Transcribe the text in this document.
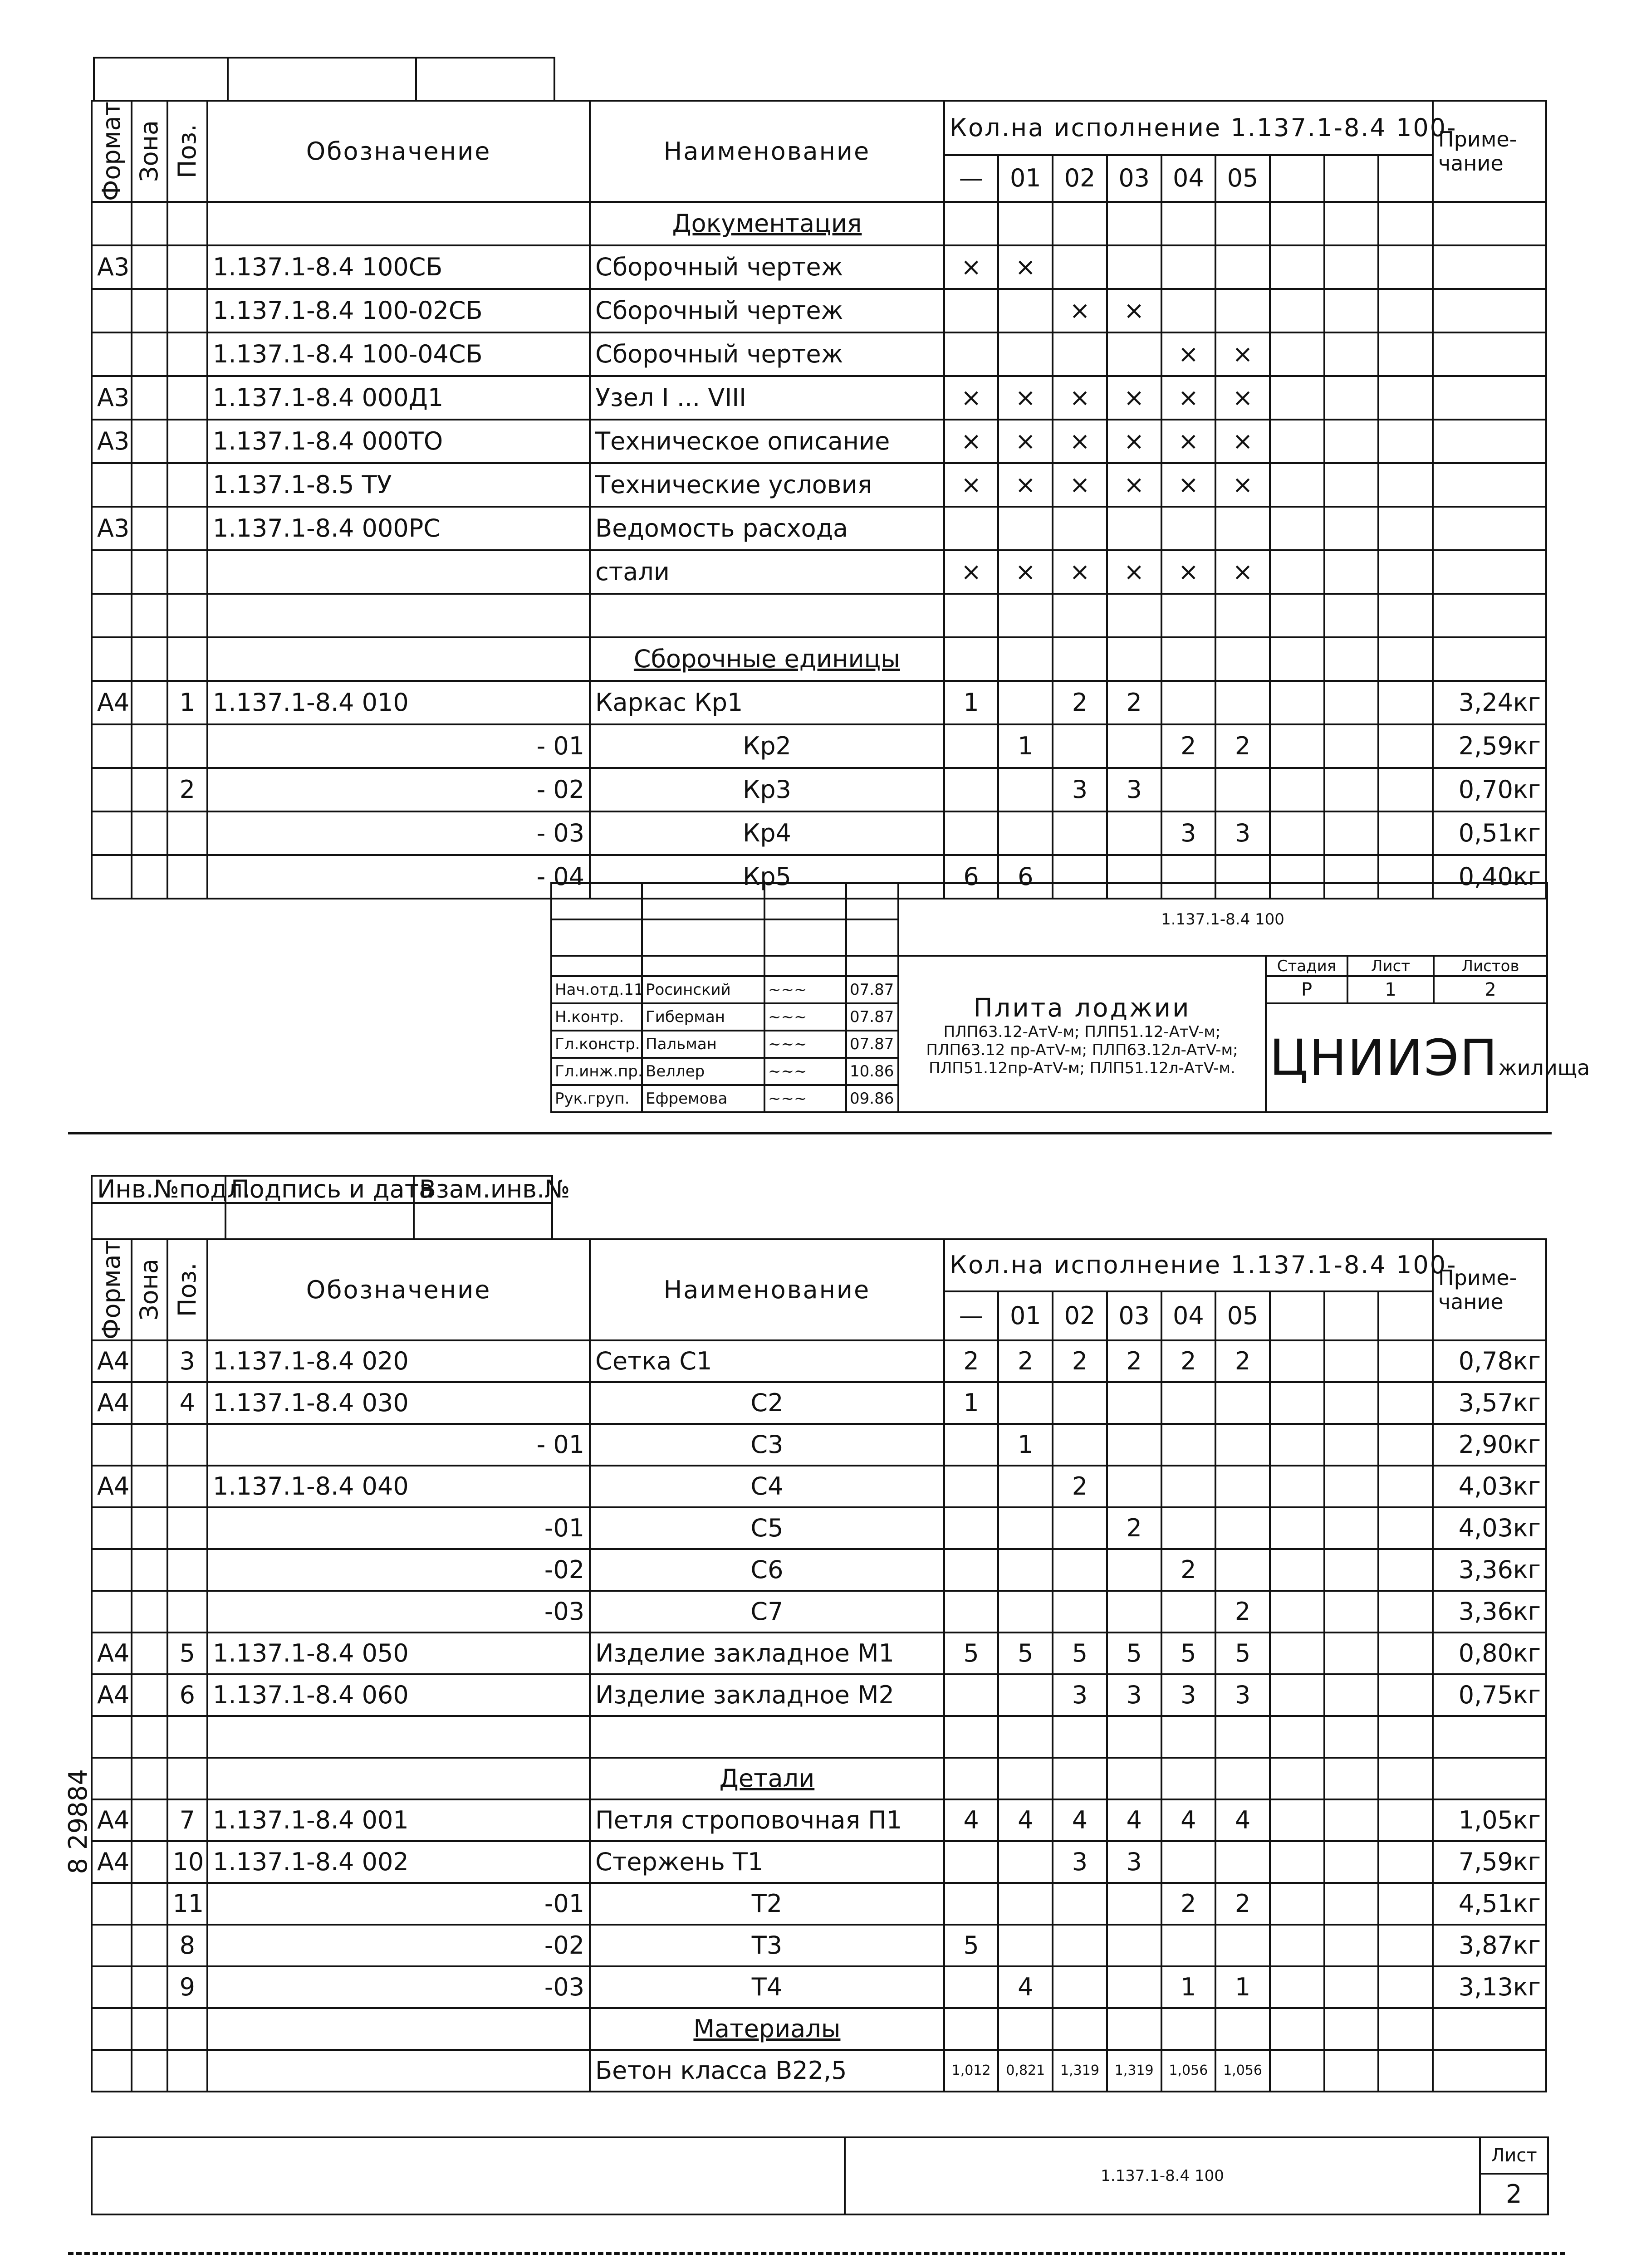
Формат	Зона	Поз.	Обозначение	Наименование	Кол.на исполнение 1.137.1-8.4 100-									Приме-чание
					—	01	02	03	04	05				
				Документация										
А3			1.137.1-8.4 100СБ	Сборочный чертеж	×	×								
			1.137.1-8.4 100-02СБ	Сборочный чертеж			×	×						
			1.137.1-8.4 100-04СБ	Сборочный чертеж					×	×				
А3			1.137.1-8.4 000Д1	Узел I ... VIII	×	×	×	×	×	×				
А3			1.137.1-8.4 000ТО	Техническое описание	×	×	×	×	×	×				
			1.137.1-8.5 ТУ	Технические условия	×	×	×	×	×	×				
А3			1.137.1-8.4 000РС	Ведомость расхода										
				стали	×	×	×	×	×	×				

				Сборочные единицы										
А4		1	1.137.1-8.4 010	Каркас Кр1	1		2	2						3,24кг
			- 01	Кр2		1			2	2				2,59кг
		2	- 02	Кр3			3	3						0,70кг
			- 03	Кр4					3	3				0,51кг
			- 04	Кр5	6	6								0,40кг
					1.137.1-8.4 100			

					Плита лоджии
ПЛП63.12-АтV-м; ПЛП51.12-АтV-м;
ПЛП63.12 пр-АтV-м; ПЛП63.12л-АтV-м;
ПЛП51.12пр-АтV-м; ПЛП51.12л-АтV-м.	Стадия	Лист	Листов
	Нач.отд.11	Росинский	~~~	07.87		Р	1	2
	Н.контр.	Гиберман	~~~	07.87		ЦНИИЭПжилища		
	Гл.констр.	Пальман	~~~	07.87				
	Гл.инж.пр.	Веллер	~~~	10.86				
	Рук.груп.	Ефремова	~~~	09.86				
Инв.№подл.	Подпись и дата	Взам.инв.№

Формат	Зона	Поз.	Обозначение	Наименование	Кол.на исполнение 1.137.1-8.4 100-									Приме-чание
					—	01	02	03	04	05				
А4		3	1.137.1-8.4 020	Сетка С1	2	2	2	2	2	2				0,78кг
А4		4	1.137.1-8.4 030	С2	1									3,57кг
			- 01	С3		1								2,90кг
А4			1.137.1-8.4 040	С4			2							4,03кг
			-01	С5				2						4,03кг
			-02	С6					2					3,36кг
			-03	С7						2				3,36кг
А4		5	1.137.1-8.4 050	Изделие закладное М1	5	5	5	5	5	5				0,80кг
А4		6	1.137.1-8.4 060	Изделие закладное М2			3	3	3	3				0,75кг

				Детали										
А4		7	1.137.1-8.4 001	Петля строповочная П1	4	4	4	4	4	4				1,05кг
А4		10	1.137.1-8.4 002	Стержень Т1			3	3						7,59кг
		11	-01	Т2					2	2				4,51кг
		8	-02	Т3	5									3,87кг
		9	-03	Т4		4			1	1				3,13кг
				Материалы										
				Бетон класса В22,5	1,012	0,821	1,319	1,319	1,056	1,056				
	1.137.1-8.4 100	Лист
2
8 29884
